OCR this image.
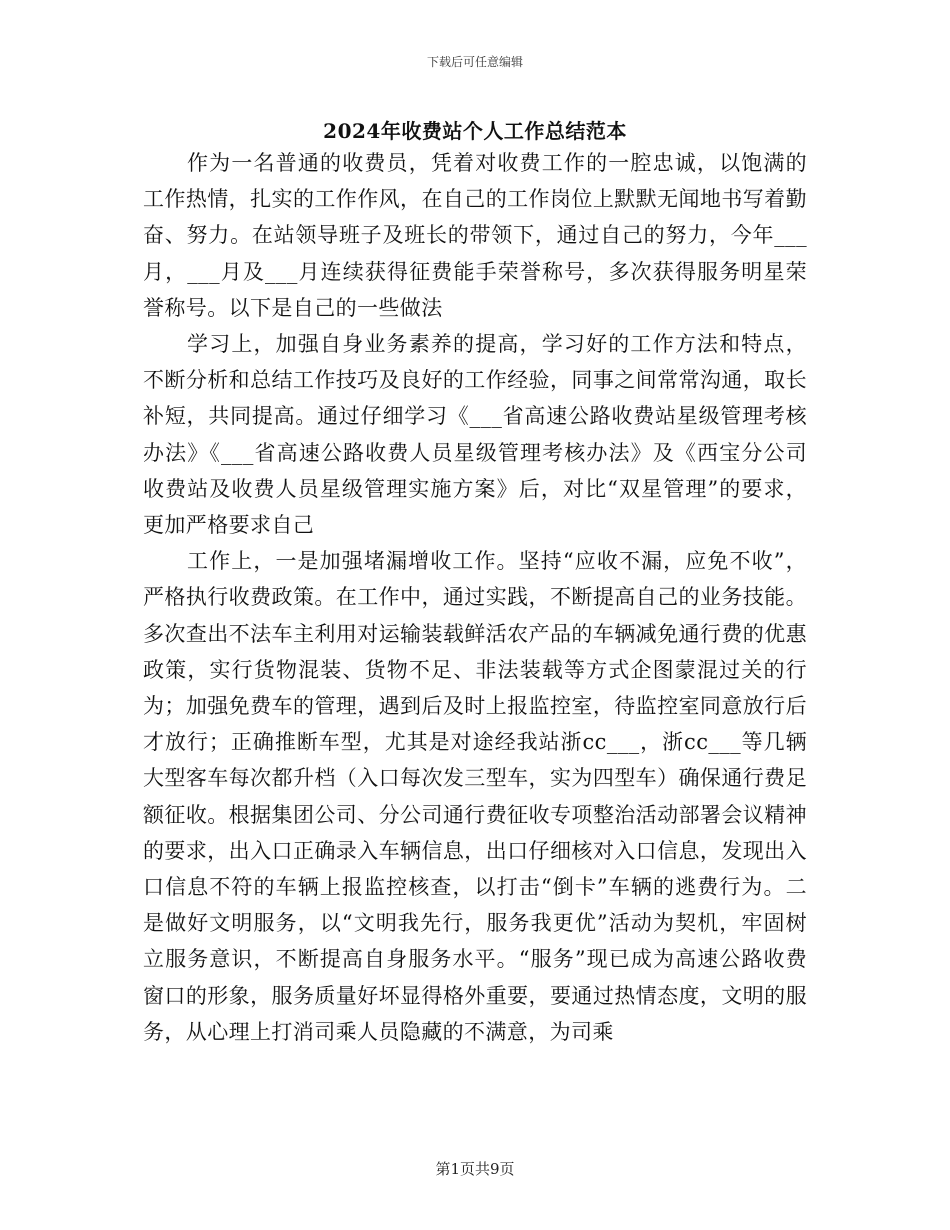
下载后可任意编辑
2024年收费站个人工作总结范本

作为一名普通的收费员，凭着对收费工作的一腔忠诚，以饱满的工作热情，扎实的工作作风，在自己的工作岗位上默默无闻地书写着勤奋、努力。在站领导班子及班长的带领下，通过自己的努力，今年___月，___月及___月连续获得征费能手荣誉称号，多次获得服务明星荣誉称号。以下是自己的一些做法

学习上，加强自身业务素养的提高，学习好的工作方法和特点，不断分析和总结工作技巧及良好的工作经验，同事之间常常沟通，取长补短，共同提高。通过仔细学习《___省高速公路收费站星级管理考核办法》《___省高速公路收费人员星级管理考核办法》及《西宝分公司收费站及收费人员星级管理实施方案》后，对比“双星管理”的要求，更加严格要求自己

工作上，一是加强堵漏增收工作。坚持“应收不漏，应免不收”，严格执行收费政策。在工作中，通过实践，不断提高自己的业务技能。多次查出不法车主利用对运输装载鲜活农产品的车辆减免通行费的优惠政策，实行货物混装、货物不足、非法装载等方式企图蒙混过关的行为；加强免费车的管理，遇到后及时上报监控室，待监控室同意放行后才放行；正确推断车型，尤其是对途经我站浙cc___，浙cc___等几辆大型客车每次都升档（入口每次发三型车，实为四型车）确保通行费足额征收。根据集团公司、分公司通行费征收专项整治活动部署会议精神的要求，出入口正确录入车辆信息，出口仔细核对入口信息，发现出入口信息不符的车辆上报监控核查，以打击“倒卡”车辆的逃费行为。二是做好文明服务，以“文明我先行，服务我更优”活动为契机，牢固树立服务意识，不断提高自身服务水平。“服务”现已成为高速公路收费窗口的形象，服务质量好坏显得格外重要，要通过热情态度，文明的服务，从心理上打消司乘人员隐藏的不满意，为司乘

第1页共9页
